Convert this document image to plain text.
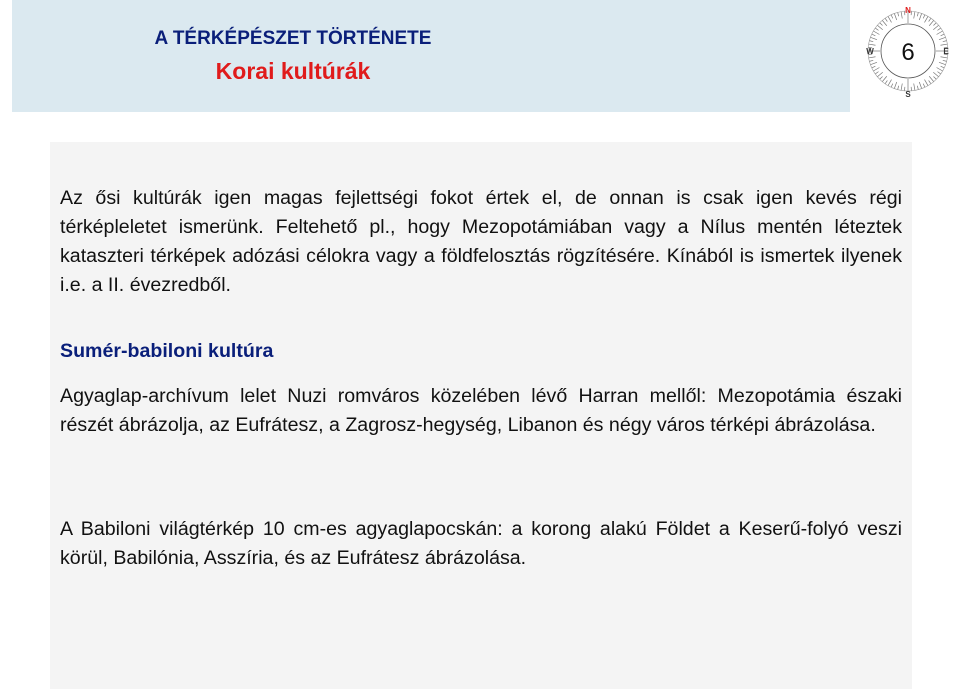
A TÉRKÉPÉSZET TÖRTÉNETE
Korai kultúrák
6
N
S
E
W

Az ősi kultúrák igen magas fejlettségi fokot értek el, de onnan is csak igen kevés régi térképleletet ismerünk. Feltehető pl., hogy Mezopotámiában vagy a Nílus mentén léteztek kataszteri térképek adózási célokra vagy a földfelosztás rögzítésére. Kínából is ismertek ilyenek i.e. a II. évezredből.

Sumér-babiloni kultúra

Agyaglap-archívum lelet Nuzi romváros közelében lévő Harran mellől: Mezopotámia északi részét ábrázolja, az Eufrátesz, a Zagrosz-hegység, Libanon és négy város térképi ábrázolása.

A Babiloni világtérkép 10 cm-es agyaglapocskán: a korong alakú Földet a Keserű-folyó veszi körül, Babilónia, Asszíria, és az Eufrátesz ábrázolása.
